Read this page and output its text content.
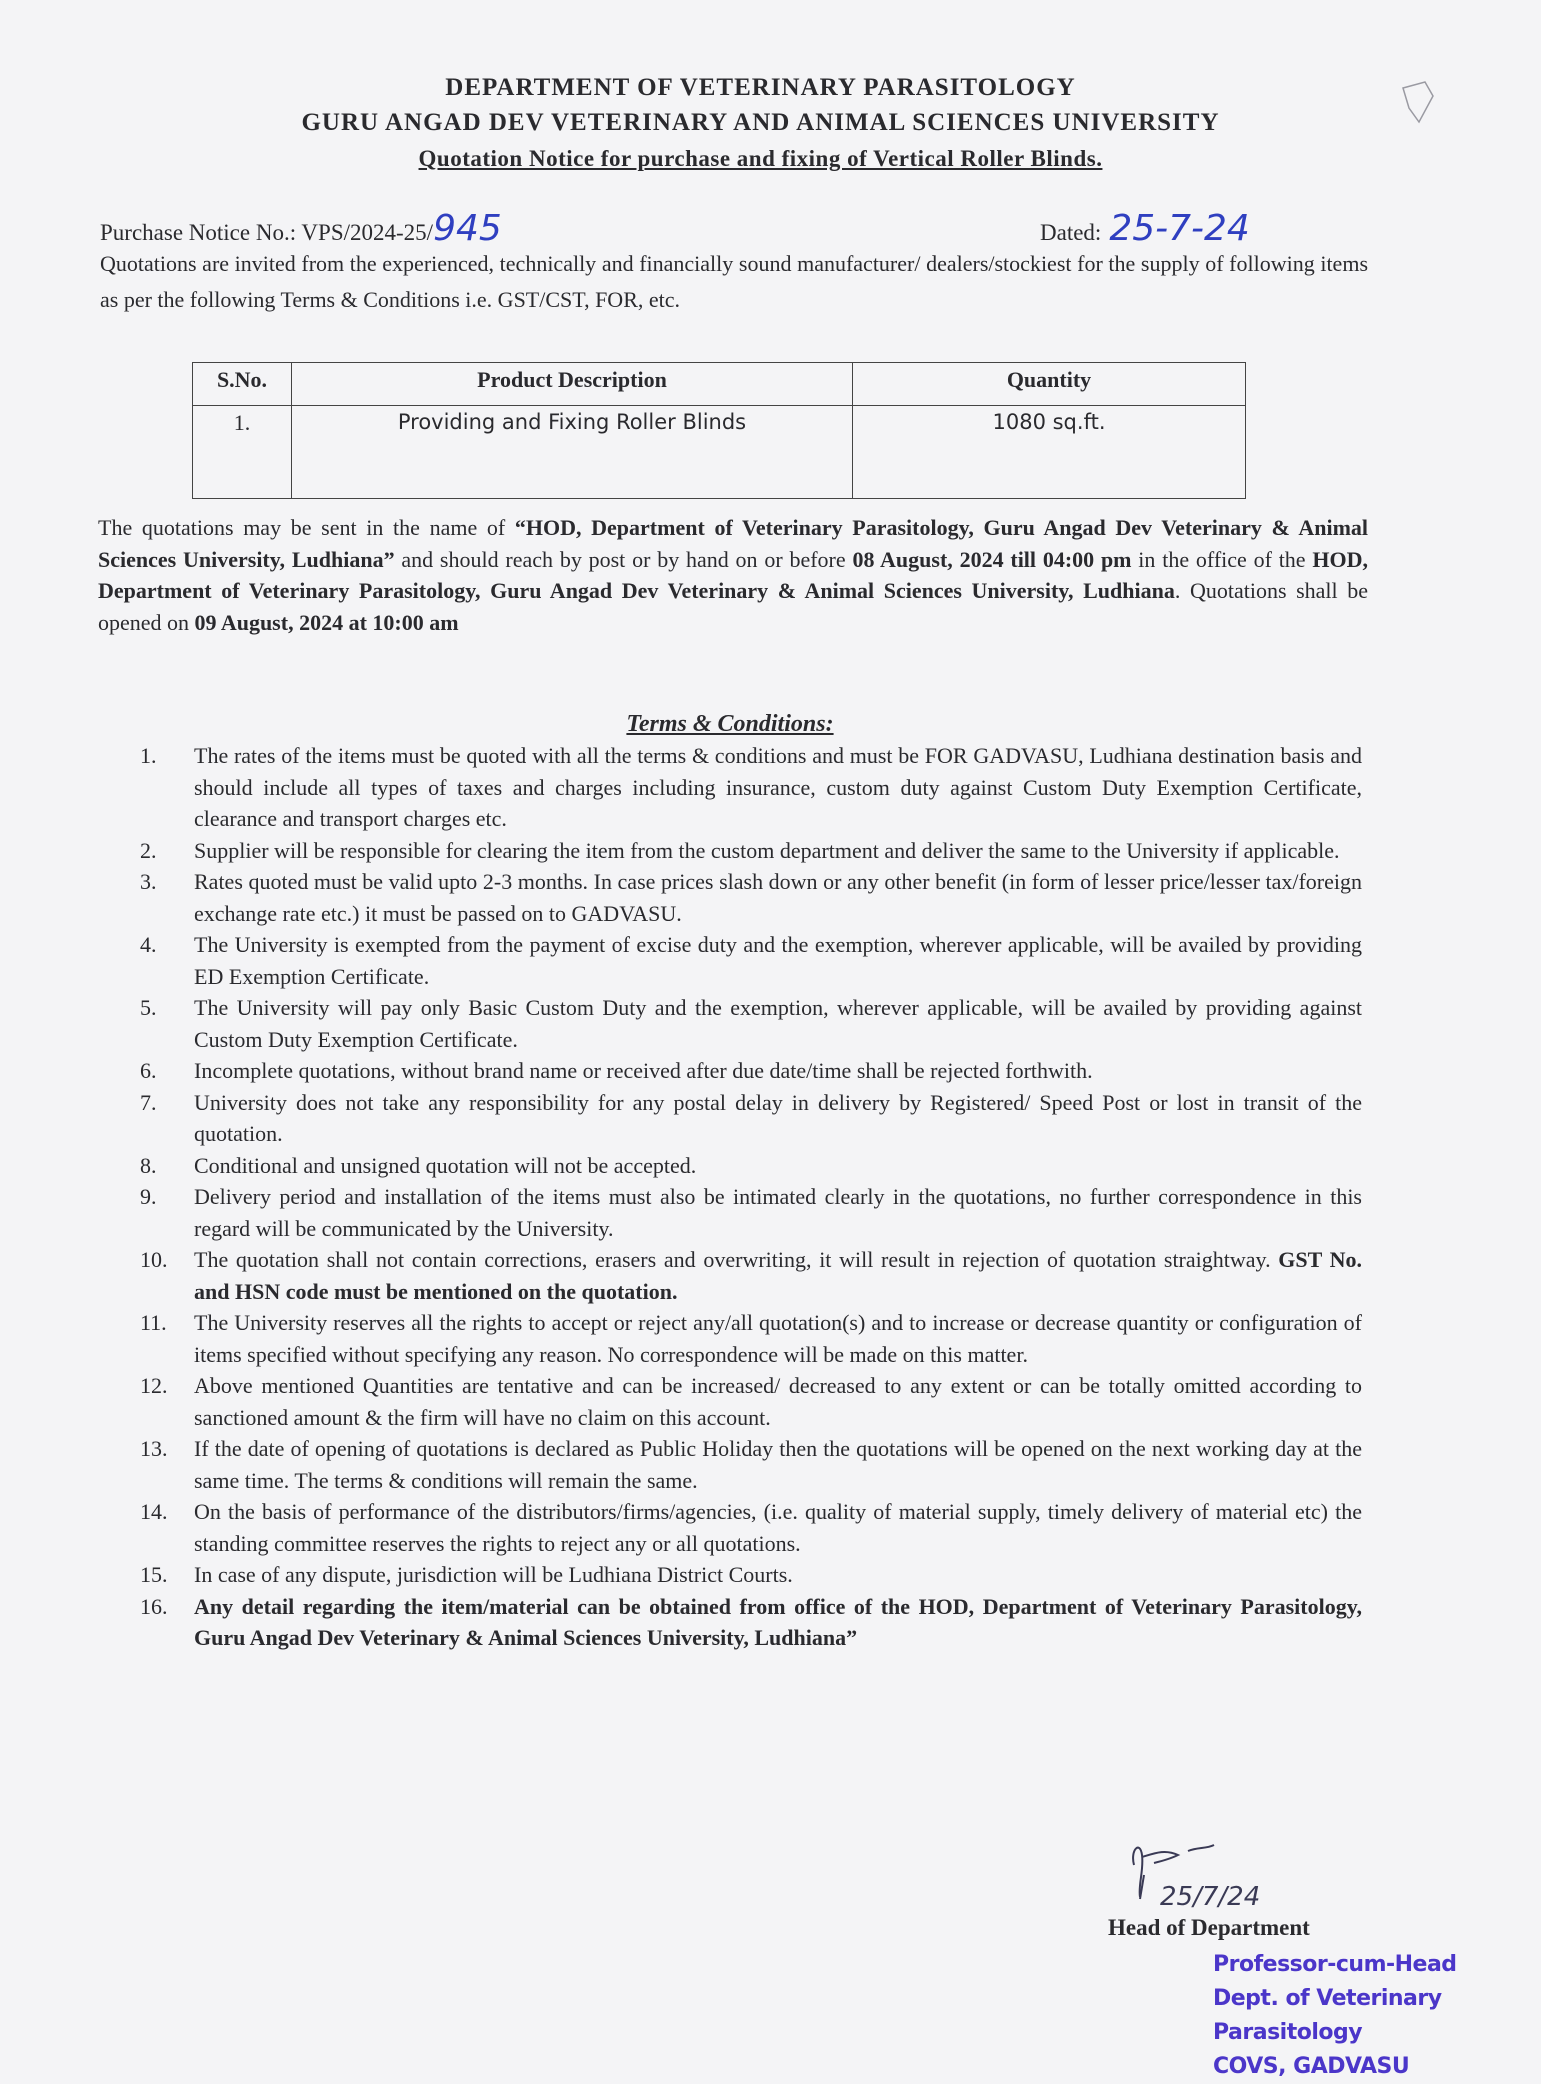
DEPARTMENT OF VETERINARY PARASITOLOGY
GURU ANGAD DEV VETERINARY AND ANIMAL SCIENCES UNIVERSITY
Quotation Notice for purchase and fixing of Vertical Roller Blinds.
Purchase Notice No.: VPS/2024-25/945	Dated: 25-7-24
Quotations are invited from the experienced, technically and financially sound manufacturer/ dealers/stockiest for the supply of following items as per the following Terms & Conditions i.e. GST/CST, FOR, etc.
S.No.	Product Description	Quantity
1.	Providing and Fixing Roller Blinds	1080 sq.ft.
The quotations may be sent in the name of “HOD, Department of Veterinary Parasitology, Guru Angad Dev Veterinary & Animal Sciences University, Ludhiana” and should reach by post or by hand on or before 08 August, 2024 till 04:00 pm in the office of the HOD, Department of Veterinary Parasitology, Guru Angad Dev Veterinary & Animal Sciences University, Ludhiana. Quotations shall be opened on 09 August, 2024 at 10:00 am
Terms & Conditions:
1. The rates of the items must be quoted with all the terms & conditions and must be FOR GADVASU, Ludhiana destination basis and should include all types of taxes and charges including insurance, custom duty against Custom Duty Exemption Certificate, clearance and transport charges etc.
2. Supplier will be responsible for clearing the item from the custom department and deliver the same to the University if applicable.
3. Rates quoted must be valid upto 2-3 months. In case prices slash down or any other benefit (in form of lesser price/lesser tax/foreign exchange rate etc.) it must be passed on to GADVASU.
4. The University is exempted from the payment of excise duty and the exemption, wherever applicable, will be availed by providing ED Exemption Certificate.
5. The University will pay only Basic Custom Duty and the exemption, wherever applicable, will be availed by providing against Custom Duty Exemption Certificate.
6. Incomplete quotations, without brand name or received after due date/time shall be rejected forthwith.
7. University does not take any responsibility for any postal delay in delivery by Registered/ Speed Post or lost in transit of the quotation.
8. Conditional and unsigned quotation will not be accepted.
9. Delivery period and installation of the items must also be intimated clearly in the quotations, no further correspondence in this regard will be communicated by the University.
10. The quotation shall not contain corrections, erasers and overwriting, it will result in rejection of quotation straightway. GST No. and HSN code must be mentioned on the quotation.
11. The University reserves all the rights to accept or reject any/all quotation(s) and to increase or decrease quantity or configuration of items specified without specifying any reason. No correspondence will be made on this matter.
12. Above mentioned Quantities are tentative and can be increased/ decreased to any extent or can be totally omitted according to sanctioned amount & the firm will have no claim on this account.
13. If the date of opening of quotations is declared as Public Holiday then the quotations will be opened on the next working day at the same time. The terms & conditions will remain the same.
14. On the basis of performance of the distributors/firms/agencies, (i.e. quality of material supply, timely delivery of material etc) the standing committee reserves the rights to reject any or all quotations.
15. In case of any dispute, jurisdiction will be Ludhiana District Courts.
16. Any detail regarding the item/material can be obtained from office of the HOD, Department of Veterinary Parasitology, Guru Angad Dev Veterinary & Animal Sciences University, Ludhiana”
25/7/24
Head of Department
Professor-cum-Head
Dept. of Veterinary Parasitology
COVS, GADVASU
